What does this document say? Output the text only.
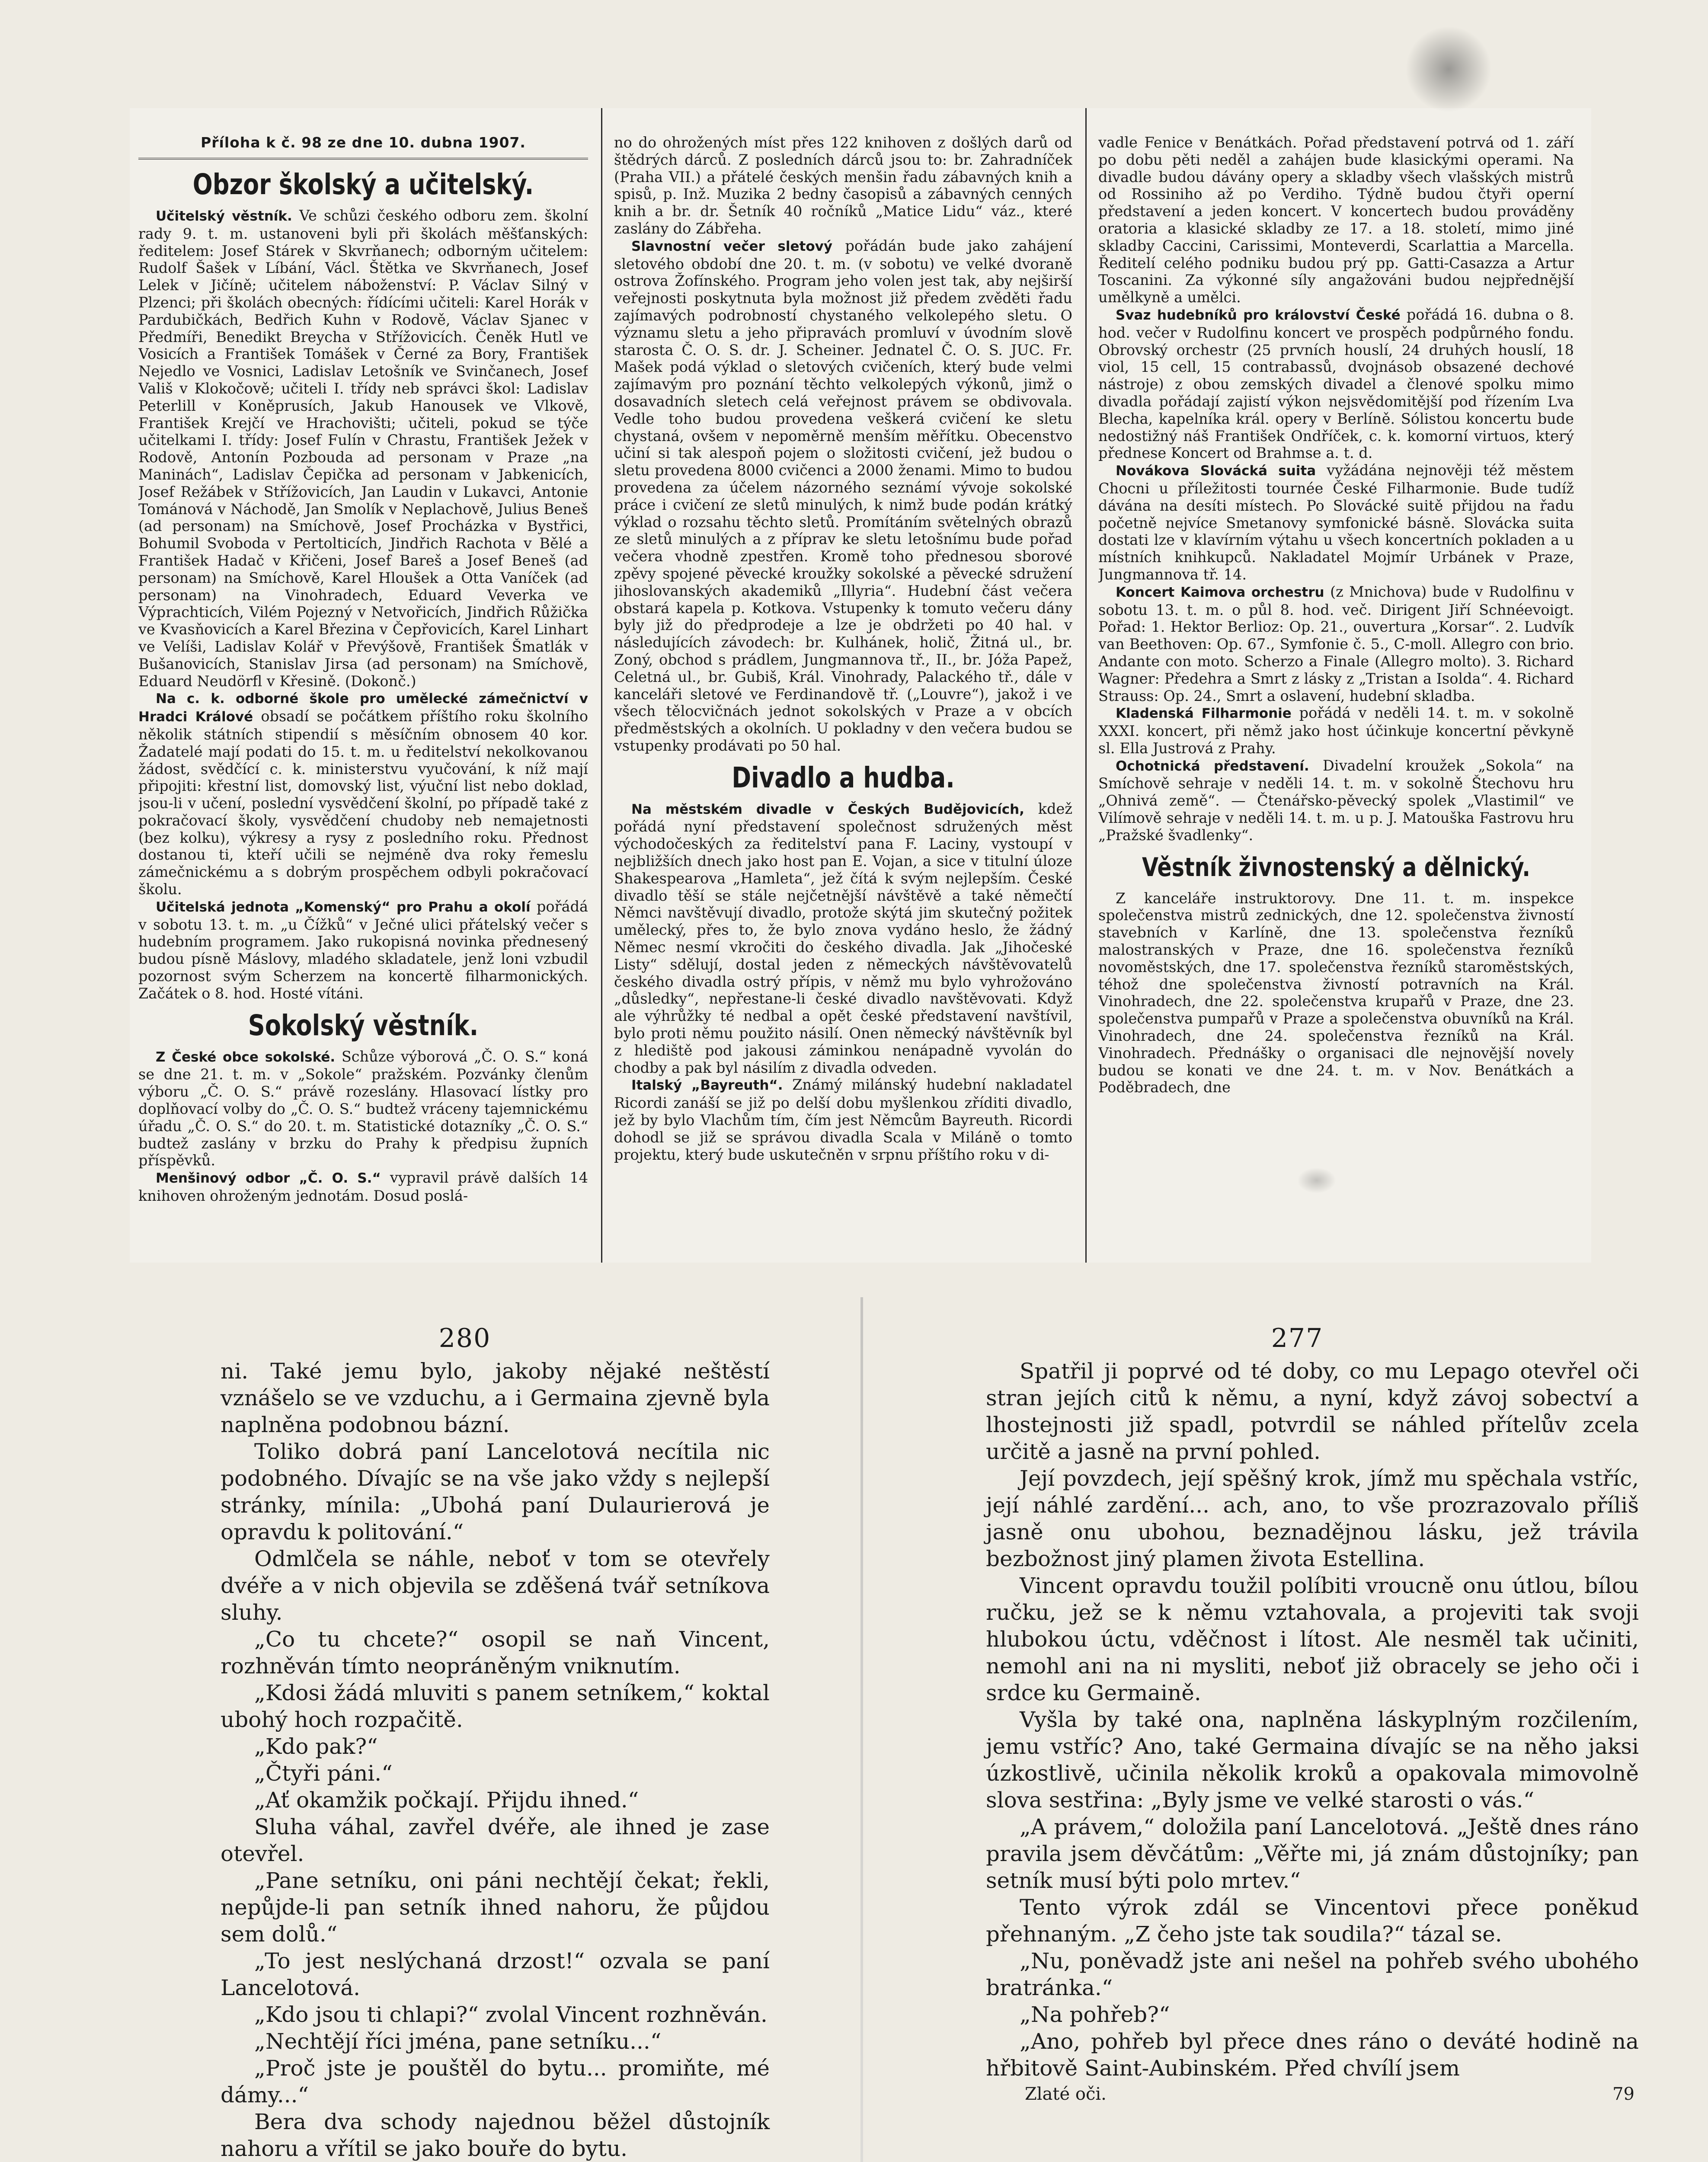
Příloha k č. 98 ze dne 10. dubna 1907.
Obzor školský a učitelský.

Učitelský věstník. Ve schůzi českého odboru zem. školní rady 9. t. m. ustanoveni byli při školách měšťanských: ředitelem: Josef Stárek v Skvrňanech; odborným učitelem: Rudolf Šašek v Líbání, Václ. Štětka ve Skvrňanech, Josef Lelek v Jičíně; učitelem náboženství: P. Václav Silný v Plzenci; při školách obecných: řídícími učiteli: Karel Horák v Pardubičkách, Bedřich Kuhn v Rodově, Václav Sjanec v Předmíři, Benedikt Breycha v Střížovicích. Čeněk Hutl ve Vosicích a František Tomášek v Černé za Bory, František Nejedlo ve Vosnici, Ladislav Letošník ve Svinčanech, Josef Vališ v Klokočově; učiteli I. třídy neb správci škol: Ladislav Peterlill v Koněprusích, Jakub Hanousek ve Vlkově, František Krejčí ve Hrachovišti; učiteli, pokud se týče učitelkami I. třídy: Josef Fulín v Chrastu, František Ježek v Rodově, Antonín Pozbouda ad personam v Praze „na Maninách“, Ladislav Čepička ad personam v Jabkenicích, Josef Režábek v Střížovicích, Jan Laudin v Lukavci, Antonie Tománová v Náchodě, Jan Smolík v Neplachově, Julius Beneš (ad personam) na Smíchově, Josef Procházka v Bystřici, Bohumil Svoboda v Pertolticích, Jindřich Rachota v Bělé a František Hadač v Křičeni, Josef Bareš a Josef Beneš (ad personam) na Smíchově, Karel Hloušek a Otta Vaníček (ad personam) na Vinohradech, Eduard Veverka ve Výprachticích, Vilém Pojezný v Netvořicích, Jindřich Růžička ve Kvasňovicích a Karel Březina v Čepřovicích, Karel Linhart ve Velíši, Ladislav Kolář v Převýšově, František Šmatlák v Bušanovicích, Stanislav Jirsa (ad personam) na Smíchově, Eduard Neudörfl v Křesině. (Dokonč.)

Na c. k. odborné škole pro umělecké zámečnictví v Hradci Králové obsadí se počátkem příštího roku školního několik státních stipendií s měsíčním obnosem 40 kor. Žadatelé mají podati do 15. t. m. u ředitelství nekolkovanou žádost, svědčící c. k. ministerstvu vyučování, k níž mají připojiti: křestní list, domovský list, výuční list nebo doklad, jsou-li v učení, poslední vysvědčení školní, po případě také z pokračovací školy, vysvědčení chudoby neb nemajetnosti (bez kolku), výkresy a rysy z posledního roku. Přednost dostanou ti, kteří učili se nejméně dva roky řemeslu zámečnickému a s dobrým prospěchem odbyli pokračovací školu.

Učitelská jednota „Komenský“ pro Prahu a okolí pořádá v sobotu 13. t. m. „u Čížků“ v Ječné ulici přátelský večer s hudebním programem. Jako rukopisná novinka přednesený budou písně Máslovy, mladého skladatele, jenž loni vzbudil pozornost svým Scherzem na koncertě filharmonických. Začátek o 8. hod. Hosté vítáni.

Sokolský věstník.

Z České obce sokolské. Schůze výborová „Č. O. S.“ koná se dne 21. t. m. v „Sokole“ pražském. Pozvánky členům výboru „Č. O. S.“ právě rozeslány. Hlasovací lístky pro doplňovací volby do „Č. O. S.“ budtež vráceny tajemnickému úřadu „Č. O. S.“ do 20. t. m. Statistické dotazníky „Č. O. S.“ budtež zaslány v brzku do Prahy k předpisu župních příspěvků.

Menšinový odbor „Č. O. S.“ vypravil právě dalších 14 knihoven ohroženým jednotám. Dosud poslá-

no do ohrožených míst přes 122 knihoven z došlých darů od štědrých dárců. Z posledních dárců jsou to: br. Zahradníček (Praha VII.) a přátelé českých menšin řadu zábavných knih a spisů, p. Inž. Muzika 2 bedny časopisů a zábavných cenných knih a br. dr. Šetník 40 ročníků „Matice Lidu“ váz., které zaslány do Zábřeha.

Slavnostní večer sletový pořádán bude jako zahájení sletového období dne 20. t. m. (v sobotu) ve velké dvoraně ostrova Žofínského. Program jeho volen jest tak, aby nejširší veřejnosti poskytnuta byla možnost již předem zvěděti řadu zajímavých podrobností chystaného velkolepého sletu. O významu sletu a jeho připravách promluví v úvodním slově starosta Č. O. S. dr. J. Scheiner. Jednatel Č. O. S. JUC. Fr. Mašek podá výklad o sletových cvičeních, který bude velmi zajímavým pro poznání těchto velkolepých výkonů, jimž o dosavadních sletech celá veřejnost právem se obdivovala. Vedle toho budou provedena veškerá cvičení ke sletu chystaná, ovšem v nepoměrně menším měřítku. Obecenstvo učiní si tak alespoň pojem o složitosti cvičení, jež budou o sletu provedena 8000 cvičenci a 2000 ženami. Mimo to budou provedena za účelem názorného seznámí vývoje sokolské práce i cvičení ze sletů minulých, k nimž bude podán krátký výklad o rozsahu těchto sletů. Promítáním světelných obrazů ze sletů minulých a z příprav ke sletu letošnímu bude pořad večera vhodně zpestřen. Kromě toho přednesou sborové zpěvy spojené pěvecké kroužky sokolské a pěvecké sdružení jihoslovanských akademiků „Illyria“. Hudební část večera obstará kapela p. Kotkova. Vstupenky k tomuto večeru dány byly již do předprodeje a lze je obdržeti po 40 hal. v následujících závodech: br. Kulhánek, holič, Žitná ul., br. Zoný, obchod s prádlem, Jungmannova tř., II., br. Jóža Papež, Celetná ul., br. Gubiš, Král. Vinohrady, Palackého tř., dále v kanceláři sletové ve Ferdinandově tř. („Louvre“), jakož i ve všech tělocvičnách jednot sokolských v Praze a v obcích předměstských a okolních. U pokladny v den večera budou se vstupenky prodávati po 50 hal.

Divadlo a hudba.

Na městském divadle v Českých Budějovicích, kdež pořádá nyní představení společnost sdružených měst východočeských za ředitelství pana F. Laciny, vystoupí v nejbližších dnech jako host pan E. Vojan, a sice v titulní úloze Shakespearova „Hamleta“, jež čítá k svým nejlepším. České divadlo těší se stále nejčetnější návštěvě a také němečtí Němci navštěvují divadlo, protože skýtá jim skutečný požitek umělecký, přes to, že bylo znova vydáno heslo, že žádný Němec nesmí vkročiti do českého divadla. Jak „Jihočeské Listy“ sdělují, dostal jeden z německých návštěvovatelů českého divadla ostrý přípis, v němž mu bylo vyhrožováno „důsledky“, nepřestane-li české divadlo navštěvovati. Když ale výhrůžky té nedbal a opět české představení navštívil, bylo proti němu použito násilí. Onen německý návštěvník byl z hlediště pod jakousi záminkou nenápadně vyvolán do chodby a pak byl násilím z divadla odveden.

Italský „Bayreuth“. Známý milánský hudební nakladatel Ricordi zanáší se již po delší dobu myšlenkou zříditi divadlo, jež by bylo Vlachům tím, čím jest Němcům Bayreuth. Ricordi dohodl se již se správou divadla Scala v Miláně o tomto projektu, který bude uskutečněn v srpnu příštího roku v di-

vadle Fenice v Benátkách. Pořad představení potrvá od 1. září po dobu pěti neděl a zahájen bude klasickými operami. Na divadle budou dávány opery a skladby všech vlašských mistrů od Rossiniho až po Verdiho. Týdně budou čtyři operní představení a jeden koncert. V koncertech budou prováděny oratoria a klasické skladby ze 17. a 18. století, mimo jiné skladby Caccini, Carissimi, Monteverdi, Scarlattia a Marcella. Ředitelí celého podniku budou prý pp. Gatti-Casazza a Artur Toscanini. Za výkonné síly angažováni budou nejpřednější umělkyně a umělci.

Svaz hudebníků pro království České pořádá 16. dubna o 8. hod. večer v Rudolfinu koncert ve prospěch podpůrného fondu. Obrovský orchestr (25 prvních houslí, 24 druhých houslí, 18 viol, 15 cell, 15 contrabassů, dvojnásob obsazené dechové nástroje) z obou zemských divadel a členové spolku mimo divadla pořádají zajistí výkon nejsvědomitější pod řízením Lva Blecha, kapelníka král. opery v Berlíně. Sólistou koncertu bude nedostižný náš František Ondříček, c. k. komorní virtuos, který přednese Koncert od Brahmse a. t. d.

Novákova Slovácká suita vyžádána nejnověji též městem Chocni u příležitosti tournée České Filharmonie. Bude tudíž dávána na desíti místech. Po Slovácké suitě přijdou na řadu početně nejvíce Smetanovy symfonické básně. Slovácka suita dostati lze v klavírním výtahu u všech koncertních pokladen a u místních knihkupců. Nakladatel Mojmír Urbánek v Praze, Jungmannova tř. 14.

Koncert Kaimova orchestru (z Mnichova) bude v Rudolfinu v sobotu 13. t. m. o půl 8. hod. več. Dirigent Jiří Schnéevoigt. Pořad: 1. Hektor Berlioz: Op. 21., ouvertura „Korsar“. 2. Ludvík van Beethoven: Op. 67., Symfonie č. 5., C-moll. Allegro con brio. Andante con moto. Scherzo a Finale (Allegro molto). 3. Richard Wagner: Předehra a Smrt z lásky z „Tristan a Isolda“. 4. Richard Strauss: Op. 24., Smrt a oslavení, hudební skladba.

Kladenská Filharmonie pořádá v neděli 14. t. m. v sokolně XXXI. koncert, při němž jako host účinkuje koncertní pěvkyně sl. Ella Justrová z Prahy.

Ochotnická představení. Divadelní kroužek „Sokola“ na Smíchově sehraje v neděli 14. t. m. v sokolně Štechovu hru „Ohnivá země“. — Čtenářsko-pěvecký spolek „Vlastimil“ ve Vilímově sehraje v neděli 14. t. m. u p. J. Matouška Fastrovu hru „Pražské švadlenky“.

Věstník živnostenský a dělnický.

Z kanceláře instruktorovy. Dne 11. t. m. inspekce společenstva mistrů zednických, dne 12. společenstva živností stavebních v Karlíně, dne 13. společenstva řezníků malostranských v Praze, dne 16. společenstva řezníků novoměstských, dne 17. společenstva řezníků staroměstských, téhož dne společenstva živností potravních na Král. Vinohradech, dne 22. společenstva krupařů v Praze, dne 23. společenstva pumpařů v Praze a společenstva obuvníků na Král. Vinohradech, dne 24. společenstva řezníků na Král. Vinohradech. Přednášky o organisaci dle nejnovější novely budou se konati ve dne 24. t. m. v Nov. Benátkách a Poděbradech, dne

280

ni. Také jemu bylo, jakoby nějaké neštěstí vznášelo se ve vzduchu, a i Germaina zjevně byla naplněna podobnou bázní.

Toliko dobrá paní Lancelotová necítila nic podobného. Dívajíc se na vše jako vždy s nejlepší stránky, mínila: „Ubohá paní Dulaurierová je opravdu k politování.“

Odmlčela se náhle, neboť v tom se otevřely dvéře a v nich objevila se zděšená tvář setníkova sluhy.

„Co tu chcete?“ osopil se naň Vincent, rozhněván tímto neopráněným vniknutím.

„Kdosi žádá mluviti s panem setníkem,“ koktal ubohý hoch rozpačitě.

„Kdo pak?“

„Čtyři páni.“

„Ať okamžik počkají. Přijdu ihned.“

Sluha váhal, zavřel dvéře, ale ihned je zase otevřel.

„Pane setníku, oni páni nechtějí čekat; řekli, nepůjde-li pan setník ihned nahoru, že půjdou sem dolů.“

„To jest neslýchaná drzost!“ ozvala se paní Lancelotová.

„Kdo jsou ti chlapi?“ zvolal Vincent rozhněván.

„Nechtějí říci jména, pane setníku...“

„Proč jste je pouštěl do bytu... promiňte, mé dámy...“

Bera dva schody najednou běžel důstojník nahoru a vřítil se jako bouře do bytu.

277

Spatřil ji poprvé od té doby, co mu Lepago otevřel oči stran jejích citů k němu, a nyní, když závoj sobectví a lhostejnosti již spadl, potvrdil se náhled přítelův zcela určitě a jasně na první pohled.

Její povzdech, její spěšný krok, jímž mu spěchala vstříc, její náhlé zardění... ach, ano, to vše prozrazovalo příliš jasně onu ubohou, beznadějnou lásku, jež trávila bezbožnost jiný plamen života Estellina.

Vincent opravdu toužil políbiti vroucně onu útlou, bílou ručku, jež se k němu vztahovala, a projeviti tak svoji hlubokou úctu, vděčnost i lítost. Ale nesměl tak učiniti, nemohl ani na ni mysliti, neboť již obracely se jeho oči i srdce ku Germaině.

Vyšla by také ona, naplněna láskyplným rozčilením, jemu vstříc? Ano, také Germaina dívajíc se na něho jaksi úzkostlivě, učinila několik kroků a opakovala mimovolně slova sestřina: „Byly jsme ve velké starosti o vás.“

„A právem,“ doložila paní Lancelotová. „Ještě dnes ráno pravila jsem děvčátům: „Věřte mi, já znám důstojníky; pan setník musí býti polo mrtev.“

Tento výrok zdál se Vincentovi přece poněkud přehnaným. „Z čeho jste tak soudila?“ tázal se.

„Nu, poněvadž jste ani nešel na pohřeb svého ubohého bratránka.“

„Na pohřeb?“

„Ano, pohřeb byl přece dnes ráno o deváté hodině na hřbitově Saint-Aubinském. Před chvílí jsem

Zlaté oči.	79
